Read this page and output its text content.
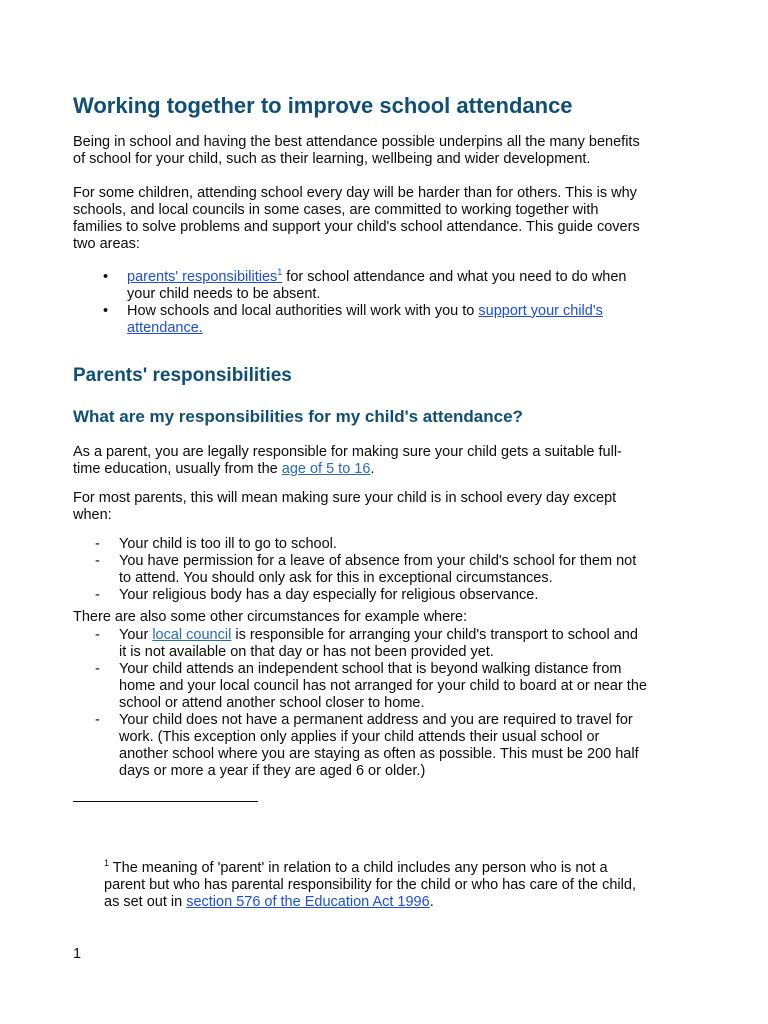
Working together to improve school attendance

Being in school and having the best attendance possible underpins all the many benefits
of school for your child, such as their learning, wellbeing and wider development.

For some children, attending school every day will be harder than for others. This is why
schools, and local councils in some cases, are committed to working together with
families to solve problems and support your child's school attendance. This guide covers
two areas:

• parents' responsibilities$^1$ for school attendance and what you need to do when
your child needs to be absent.
• How schools and local authorities will work with you to support your child's
attendance.
Parents' responsibilities
What are my responsibilities for my child's attendance?

As a parent, you are legally responsible for making sure your child gets a suitable full-
time education, usually from the age of 5 to 16.

For most parents, this will mean making sure your child is in school every day except
when:

- Your child is too ill to go to school.
- You have permission for a leave of absence from your child's school for them not
to attend. You should only ask for this in exceptional circumstances.
- Your religious body has a day especially for religious observance.

There are also some other circumstances for example where:

- Your local council is responsible for arranging your child's transport to school and
it is not available on that day or has not been provided yet.
- Your child attends an independent school that is beyond walking distance from
home and your local council has not arranged for your child to board at or near the
school or attend another school closer to home.
- Your child does not have a permanent address and you are required to travel for
work. (This exception only applies if your child attends their usual school or
another school where you are staying as often as possible. This must be 200 half
days or more a year if they are aged 6 or older.)
$^1$ The meaning of 'parent' in relation to a child includes any person who is not a
parent but who has parental responsibility for the child or who has care of the child,
as set out in section 576 of the Education Act 1996.
1
